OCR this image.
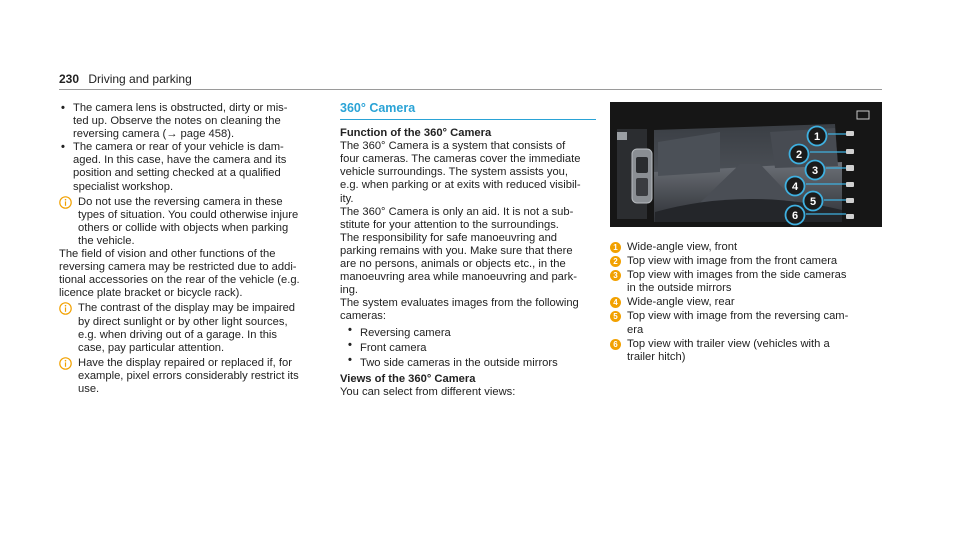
230 Driving and parking
• The camera lens is obstructed, dirty or mis-

ted up. Observe the notes on cleaning the

reversing camera (→ page 458).

• The camera or rear of your vehicle is dam-

aged. In this case, have the camera and its

position and setting checked at a qualified

specialist workshop.

Do not use the reversing camera in these

types of situation. You could otherwise injure

others or collide with objects when parking

the vehicle.

The field of vision and other functions of the

reversing camera may be restricted due to addi-

tional accessories on the rear of the vehicle (e.g.

licence plate bracket or bicycle rack).

The contrast of the display may be impaired

by direct sunlight or by other light sources,

e.g. when driving out of a garage. In this

case, pay particular attention.

Have the display repaired or replaced if, for

example, pixel errors considerably restrict its

use.

360° Camera

Function of the 360° Camera

The 360° Camera is a system that consists of

four cameras. The cameras cover the immediate

vehicle surroundings. The system assists you,

e.g. when parking or at exits with reduced visibil-

ity.

The 360° Camera is only an aid. It is not a sub-

stitute for your attention to the surroundings.

The responsibility for safe manoeuvring and

parking remains with you. Make sure that there

are no persons, animals or objects etc., in the

manoeuvring area while manoeuvring and park-

ing.

The system evaluates images from the following

cameras:

• Reversing camera

• Front camera

• Two side cameras in the outside mirrors

Views of the 360° Camera

You can select from different views:

1
2
3
4
5
6
1 Wide-angle view, front

2 Top view with image from the front camera

3 Top view with images from the side cameras

in the outside mirrors

4 Wide-angle view, rear

5 Top view with image from the reversing cam-

era

6 Top view with trailer view (vehicles with a

trailer hitch)
